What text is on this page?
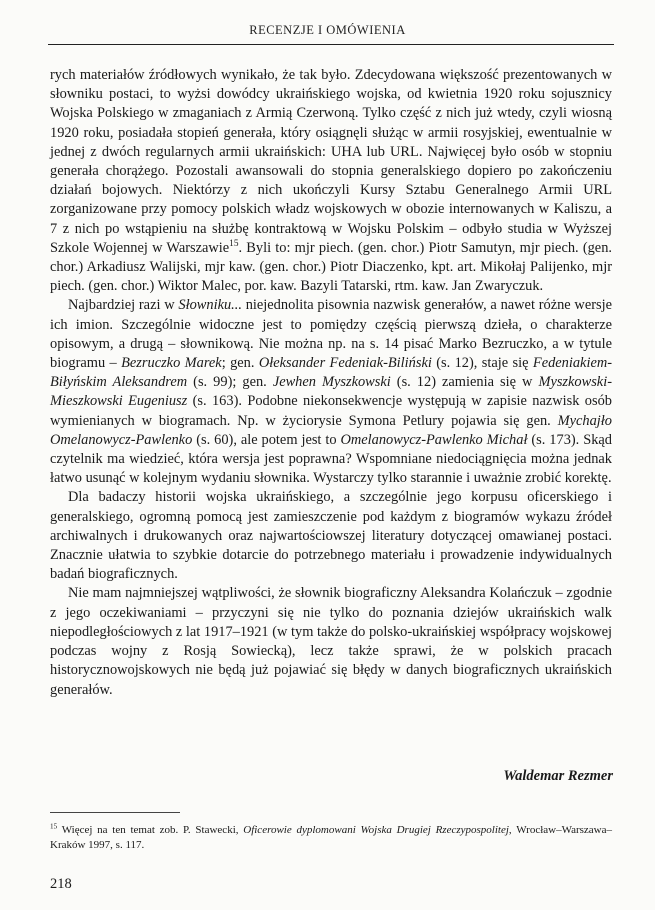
RECENZJE I OMÓWIENIA

rych materiałów źródłowych wynikało, że tak było. Zdecydowana większość prezentowanych w słowniku postaci, to wyżsi dowódcy ukraińskiego wojska, od kwietnia 1920 roku sojusznicy Wojska Polskiego w zmaganiach z Armią Czerwoną. Tylko część z nich już wtedy, czyli wiosną 1920 roku, posiadała stopień generała, który osiągnęli służąc w armii rosyjskiej, ewentualnie w jednej z dwóch regularnych armii ukraińskich: UHA lub URL. Najwięcej było osób w stopniu generała chorążego. Pozostali awansowali do stopnia generalskiego dopiero po zakończeniu działań bojowych. Niektórzy z nich ukończyli Kursy Sztabu Generalnego Armii URL zorganizowane przy pomocy polskich władz wojskowych w obozie internowanych w Kaliszu, a 7 z nich po wstąpieniu na służbę kontraktową w Wojsku Polskim – odbyło studia w Wyższej Szkole Wojennej w Warszawie$^{15}$. Byli to: mjr piech. (gen. chor.) Piotr Samutyn, mjr piech. (gen. chor.) Arkadiusz Walijski, mjr kaw. (gen. chor.) Piotr Diaczenko, kpt. art. Mikołaj Palijenko, mjr piech. (gen. chor.) Wiktor Malec, por. kaw. Bazyli Tatarski, rtm. kaw. Jan Zwaryczuk.

Najbardziej razi w Słowniku... niejednolita pisownia nazwisk generałów, a nawet różne wersje ich imion. Szczególnie widoczne jest to pomiędzy częścią pierwszą dzieła, o charakterze opisowym, a drugą – słownikową. Nie można np. na s. 14 pisać Marko Bezruczko, a w tytule biogramu – Bezruczko Marek; gen. Ołeksander Fedeniak-Biliński (s. 12), staje się Fedeniakiem-Biłyńskim Aleksandrem (s. 99); gen. Jewhen Myszkowski (s. 12) zamienia się w Myszkowski-Mieszkowski Eugeniusz (s. 163). Podobne niekonsekwencje występują w zapisie nazwisk osób wymienianych w biogramach. Np. w życiorysie Symona Petlury pojawia się gen. Mychajło Omelanowycz-Pawlenko (s. 60), ale potem jest to Omelanowycz-Pawlenko Michał (s. 173). Skąd czytelnik ma wiedzieć, która wersja jest poprawna? Wspomniane niedociągnięcia można jednak łatwo usunąć w kolejnym wydaniu słownika. Wystarczy tylko starannie i uważnie zrobić korektę.

Dla badaczy historii wojska ukraińskiego, a szczególnie jego korpusu oficerskiego i generalskiego, ogromną pomocą jest zamieszczenie pod każdym z biogramów wykazu źródeł archiwalnych i drukowanych oraz najwartościowszej literatury dotyczącej omawianej postaci. Znacznie ułatwia to szybkie dotarcie do potrzebnego materiału i prowadzenie indywidualnych badań biograficznych.

Nie mam najmniejszej wątpliwości, że słownik biograficzny Aleksandra Kolańczuk – zgodnie z jego oczekiwaniami – przyczyni się nie tylko do poznania dziejów ukraińskich walk niepodległościowych z lat 1917–1921 (w tym także do polsko-ukraińskiej współpracy wojskowej podczas wojny z Rosją Sowiecką), lecz także sprawi, że w polskich pracach historycznowojskowych nie będą już pojawiać się błędy w danych biograficznych ukraińskich generałów.

Waldemar Rezmer
$^{15}$ Więcej na ten temat zob. P. Stawecki, Oficerowie dyplomowani Wojska Drugiej Rzeczypospolitej, Wrocław–Warszawa–Kraków 1997, s. 117.
218
